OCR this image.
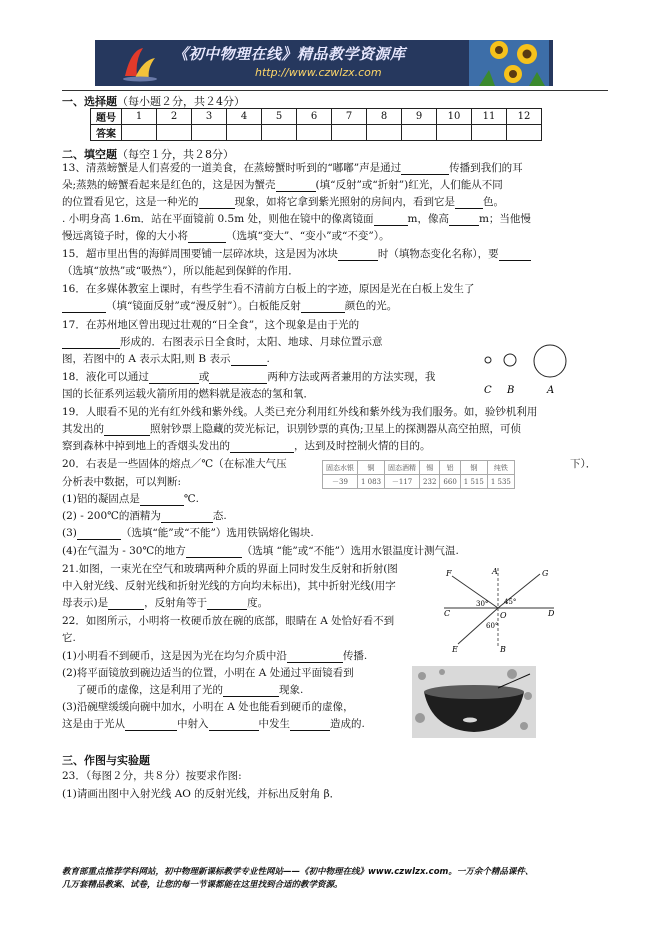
《初中物理在线》精品教学资源库
http://www.czwlzx.com
一、选择题（每小题２分，共２4分）
题号	1	2	3	4	5	6	7	8	9	10	11	12
答案												
二、填空题（每空１分，共２8分）
13、清蒸螃蟹是人们喜爱的一道美食，在蒸螃蟹时听到的“嘟嘟”声是通过	传播到我们的耳
朵;蒸熟的螃蟹看起来是红色的，这是因为蟹壳	(填“反射”或“折射”)红光，人们能从不同
的位置看见它，这是一种光的	现象，如将它拿到紫光照射的房间内，看到它是	色。
. 小明身高 1.6m．站在平面镜前 0.5m 处，则他在镜中的像离镜面	m，像高	m；当他慢
慢远离镜子时，像的大小将	（选填“变大”、“变小”或“不变”）。
15．超市里出售的海鲜周围要铺一层碎冰块，这是因为冰块	时（填物态变化名称），要
（选填“放热”或“吸热”），所以能起到保鲜的作用．
16．在多媒体教室上课时，有些学生看不清前方白板上的字迹，原因是光在白板上发生了
（填“镜面反射”或“漫反射”）。白板能反射	颜色的光。
17．在苏州地区曾出现过壮观的“日全食”，这个现象是由于光的
形成的．右图表示日全食时，太阳、地球、月球位置示意
图，若图中的 A 表示太阳,则 B 表示	.
C B	A
18．液化可以通过	或	两种方法或两者兼用的方法实现，我
国的长征系列运载火箭所用的燃料就是液态的氢和氧．
19．人眼看不见的光有红外线和紫外线。人类已充分利用红外线和紫外线为我们服务。如，验钞机利用
其发出的	照射钞票上隐藏的荧光标记，识别钞票的真伪;卫星上的探测器从高空拍照，可侦
察到森林中掉到地上的香烟头发出的	，达到及时控制火情的目的。
20．右表是一些固体的熔点／℃（在标准大气压	下）．
固态水银	铜	固态酒精	锡	铝	钢	纯铁
－39	1 083	－117	232	660	1 515	1 535
分析表中数据，可以判断:
(1)铝的凝固点是	℃.
(2) - 200℃的酒精为	态.
(3)	（选填“能”或“不能”）选用铁锅熔化锡块.
(4)在气温为 - 30℃的地方	（选填 “能”或“不能”）选用水银温度计测气温.
21.如图，一束光在空气和玻璃两种介质的界面上同时发生反射和折射(图
中入射光线、反射光线和折射光线的方向均未标出)，其中折射光线(用字
母表示)是	，反射角等于	度。
F	A	G
C	D
O
E	B
30° 45°
60°
22．如图所示，小明将一枚硬币放在碗的底部，眼睛在 A 处恰好看不到
它.
(1)小明看不到硬币，这是因为光在均匀介质中沿	传播.
(2)将平面镜放到碗边适当的位置，小明在 A 处通过平面镜看到
了硬币的虚像，这是利用了光的	现象.
(3)沿碗壁缓缓向碗中加水，小明在 A 处也能看到硬币的虚像，
这是由于光从	中射入	中发生	造成的.
三、作图与实验题
23．（每图２分，共８分）按要求作图:
(1)请画出图中入射光线 AO 的反射光线，并标出反射角 β．
教育部重点推荐学科网站，初中物理新课标教学专业性网站——《初中物理在线》www.czwlzx.com。一万余个精品课件、
几万套精品教案、试卷，让您的每一节课都能在这里找到合适的教学资源。
